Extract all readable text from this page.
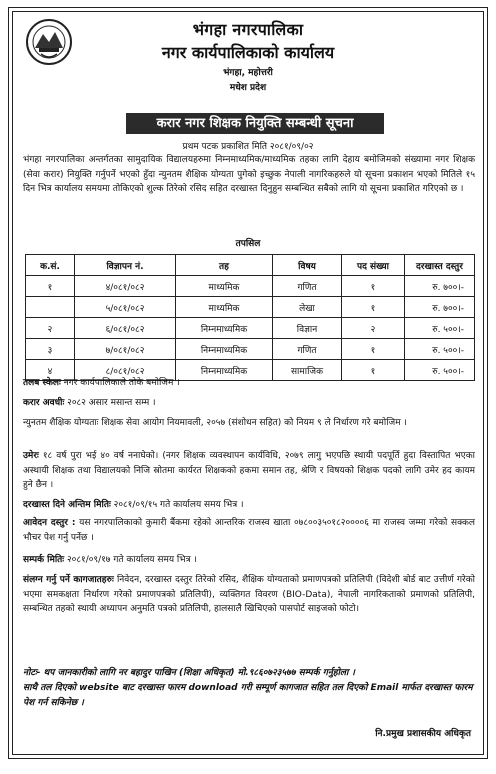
भंगहा नगरपालिका
नगर कार्यपालिकाको कार्यालय
भंगहा, महोत्तरी
मधेश प्रदेश
करार नगर शिक्षक नियुक्ति सम्बन्धी सूचना
प्रथम पटक प्रकाशित मिति २०८१/०९/०२
भंगहा नगरपालिका अन्तर्गतका सामुदायिक विद्यालयहरुमा निम्नमाध्यमिक/माध्यमिक तहका लागि देहाय बमोजिमको संख्यामा नगर शिक्षक (सेवा करार) नियुक्ति गर्नुपर्ने भएको हुँदा न्युनतम शैक्षिक योग्यता पुगेको इच्छुक नेपाली नागरिकहरुले यो सूचना प्रकाशन भएको मितिले १५ दिन भित्र कार्यालय समयमा तोकिएको शुल्क तिरेको रसिद सहित दरखास्त दिनुहुन सम्बन्धित सबैको लागि यो सूचना प्रकाशित गरिएको छ ।
तपसिल
क.सं.	विज्ञापन नं.	तह	विषय	पद संख्या	दरखास्त दस्तुर
१	४/०८१/०८२	माध्यमिक	गणित	१	रु. ७००।-
	५/०८१/०८२	माध्यमिक	लेखा	१	रु. ७००।-
२	६/०८१/०८२	निम्नमाध्यमिक	विज्ञान	२	रु. ५००।-
३	७/०८१/०८२	निम्नमाध्यमिक	गणित	१	रु. ५००।-
४	८/०८१/०८२	निम्नमाध्यमिक	सामाजिक	१	रु. ५००।-
तलब स्केलः नगर कार्यपालिकाले तोके बमोजिम ।
करार अवधीः २०८२ असार मसान्त सम्म ।
न्युनतम शैक्षिक योग्यताः शिक्षक सेवा आयोग नियमावली, २०५७ (संशोधन सहित) को नियम ९ ले निर्धारण गरे बमोजिम ।
उमेरः १८ वर्ष पुरा भई ४० वर्ष ननाघेको। (नगर शिक्षक व्यवस्थापन कार्यविधि, २०७९ लागु भएपछि स्थायी पदपूर्ति हुदा विस्तापित भएका अस्थायी शिक्षक तथा विद्यालयको निजि स्रोतमा कार्यरत शिक्षकको हकमा समान तह, श्रेणि र विषयको शिक्षक पदको लागि उमेर हद कायम हुने छैन ।
दरखास्त दिने अन्तिम मितिः २०८१/०९/१५ गते कार्यालय समय भित्र ।
आवेदन दस्तुर : यस नगरपालिकाको कुमारी बैंकमा रहेको आन्तरिक राजस्व खाता ०७८००३५०१८२००००६ मा राजस्व जम्मा गरेको सक्कल भौचर पेश गर्नु पर्नेछ ।
सम्पर्क मितिः २०८१/०९/१७ गते कार्यालय समय भित्र ।
संलग्न गर्नु पर्ने कागजातहरुः निवेदन, दरखास्त दस्तुर तिरेको रसिद, शैक्षिक योग्यताको प्रमाणपत्रको प्रतिलिपी (विदेशी बोर्ड बाट उत्तीर्ण गरेको भएमा समकक्षता निर्धारण गरेको प्रमाणपत्रको प्रतिलिपी), व्यक्तिगत विवरण (BIO-Data), नेपाली नागरिकताको प्रमाणको प्रतिलिपी, सम्बन्धित तहको स्थायी अध्यापन अनुमति पत्रको प्रतिलिपी, हालसालै खिचिएको पासपोर्ट साइजको फोटो।
नोटः- थप जानकारीको लागि नर बहादुर पाखिन (शिक्षा अधिकृत) मो.९८६०७२३५७७ सम्पर्क गर्नुहोला ।
साथै तल दिएको website बाट दरखास्त फारम download गरी सम्पूर्ण कागजात सहित तल दिएको Email मार्फत दरखास्त फारम पेश गर्न सकिनेछ ।
नि.प्रमुख प्रशासकीय अधिकृत
